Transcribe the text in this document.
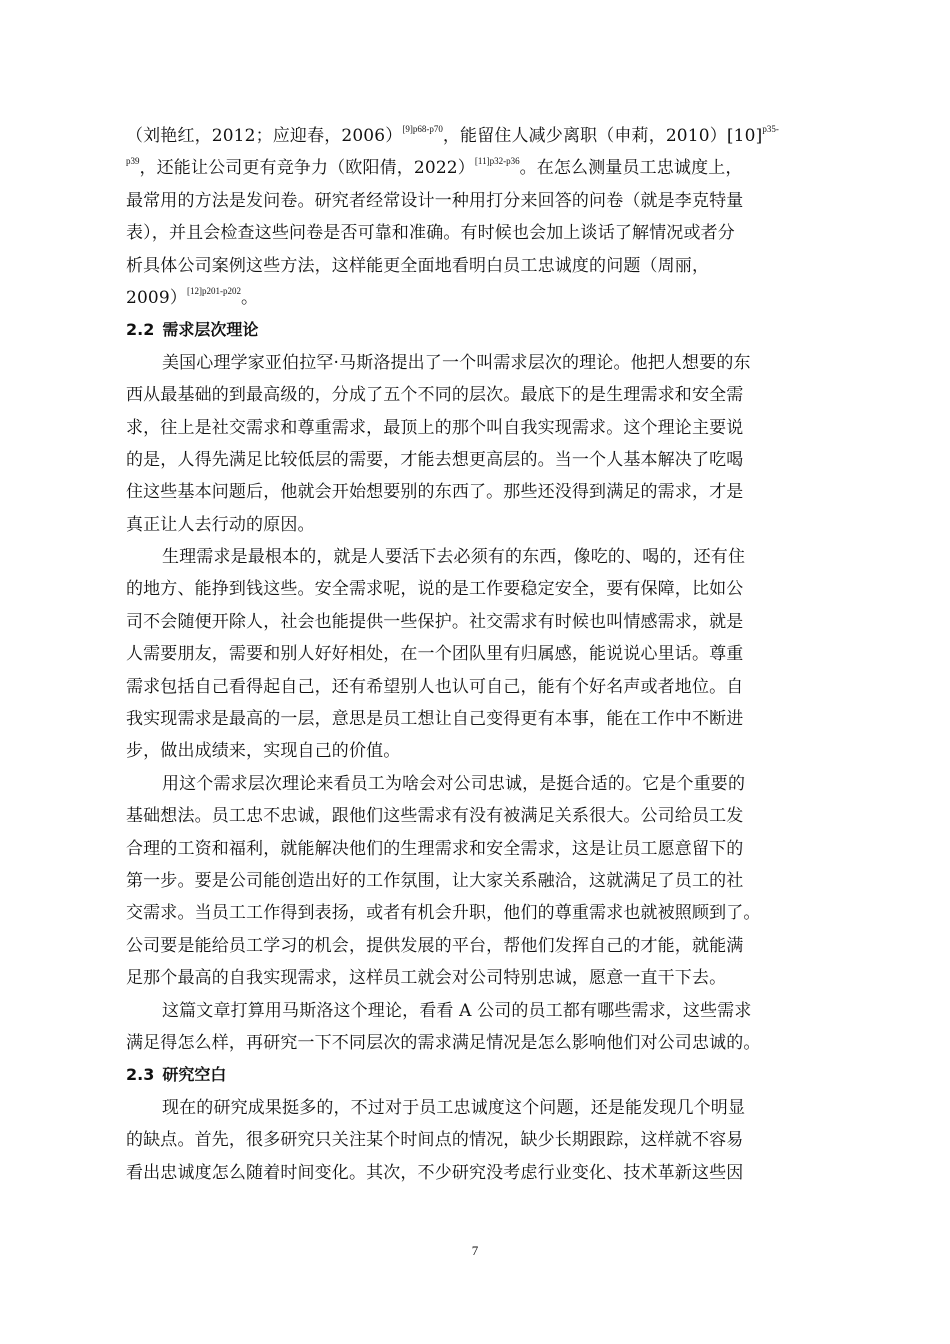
（刘艳红，2012；应迎春，2006）$^{[9]p68-p70}$，能留住人减少离职（申莉，$2010)[10]^{p35-}$
$^{p39}$，还能让公司更有竞争力（欧阳倩，2022）$^{[11]p32-p36}$。在怎么测量员工忠诚度上，
最常用的方法是发问卷。研究者经常设计一种用打分来回答的问卷（就是李克特量
表），并且会检查这些问卷是否可靠和准确。有时候也会加上谈话了解情况或者分
析具体公司案例这些方法，这样能更全面地看明白员工忠诚度的问题（周丽，
2009）$^{[12]p201-p202}$。
2.2 需求层次理论
美国心理学家亚伯拉罕·马斯洛提出了一个叫需求层次的理论。他把人想要的东
西从最基础的到最高级的，分成了五个不同的层次。最底下的是生理需求和安全需
求，往上是社交需求和尊重需求，最顶上的那个叫自我实现需求。这个理论主要说
的是，人得先满足比较低层的需要，才能去想更高层的。当一个人基本解决了吃喝
住这些基本问题后，他就会开始想要别的东西了。那些还没得到满足的需求，才是
真正让人去行动的原因。
生理需求是最根本的，就是人要活下去必须有的东西，像吃的、喝的，还有住
的地方、能挣到钱这些。安全需求呢，说的是工作要稳定安全，要有保障，比如公
司不会随便开除人，社会也能提供一些保护。社交需求有时候也叫情感需求，就是
人需要朋友，需要和别人好好相处，在一个团队里有归属感，能说说心里话。尊重
需求包括自己看得起自己，还有希望别人也认可自己，能有个好名声或者地位。自
我实现需求是最高的一层，意思是员工想让自己变得更有本事，能在工作中不断进
步，做出成绩来，实现自己的价值。
用这个需求层次理论来看员工为啥会对公司忠诚，是挺合适的。它是个重要的
基础想法。员工忠不忠诚，跟他们这些需求有没有被满足关系很大。公司给员工发
合理的工资和福利，就能解决他们的生理需求和安全需求，这是让员工愿意留下的
第一步。要是公司能创造出好的工作氛围，让大家关系融洽，这就满足了员工的社
交需求。当员工工作得到表扬，或者有机会升职，他们的尊重需求也就被照顾到了。
公司要是能给员工学习的机会，提供发展的平台，帮他们发挥自己的才能，就能满
足那个最高的自我实现需求，这样员工就会对公司特别忠诚，愿意一直干下去。
这篇文章打算用马斯洛这个理论，看看 A 公司的员工都有哪些需求，这些需求
满足得怎么样，再研究一下不同层次的需求满足情况是怎么影响他们对公司忠诚的。
2.3 研究空白
现在的研究成果挺多的，不过对于员工忠诚度这个问题，还是能发现几个明显
的缺点。首先，很多研究只关注某个时间点的情况，缺少长期跟踪，这样就不容易
看出忠诚度怎么随着时间变化。其次，不少研究没考虑行业变化、技术革新这些因
7
